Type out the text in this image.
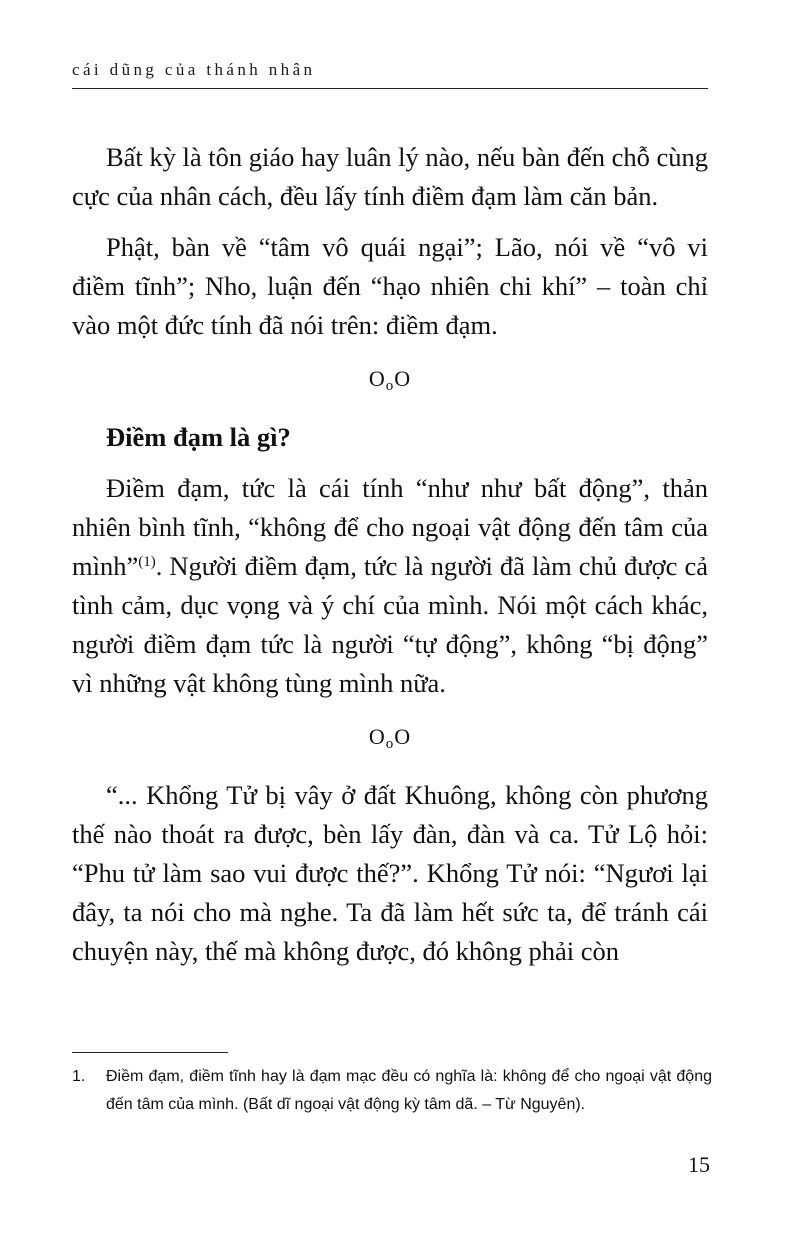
cái dũng của thánh nhân

Bất kỳ là tôn giáo hay luân lý nào, nếu bàn đến chỗ cùng cực của nhân cách, đều lấy tính điềm đạm làm căn bản.

Phật, bàn về “tâm vô quái ngại”; Lão, nói về “vô vi điềm tĩnh”; Nho, luận đến “hạo nhiên chi khí” – toàn chỉ vào một đức tính đã nói trên: điềm đạm.

OoO

Điềm đạm là gì?

Điềm đạm, tức là cái tính “như như bất động”, thản nhiên bình tĩnh, “không để cho ngoại vật động đến tâm của mình”$^{(1)}$. Người điềm đạm, tức là người đã làm chủ được cả tình cảm, dục vọng và ý chí của mình. Nói một cách khác, người điềm đạm tức là người “tự động”, không “bị động” vì những vật không tùng mình nữa.

OoO

“... Khổng Tử bị vây ở đất Khuông, không còn phương thế nào thoát ra được, bèn lấy đàn, đàn và ca. Tử Lộ hỏi: “Phu tử làm sao vui được thế?”. Khổng Tử nói: “Ngươi lại đây, ta nói cho mà nghe. Ta đã làm hết sức ta, để tránh cái chuyện này, thế mà không được, đó không phải còn

1.	Điềm đạm, điềm tĩnh hay là đạm mạc đều có nghĩa là: không để cho ngoại vật động đến tâm của mình. (Bất dĩ ngoại vật động kỳ tâm dã. – Từ Nguyên).
15
